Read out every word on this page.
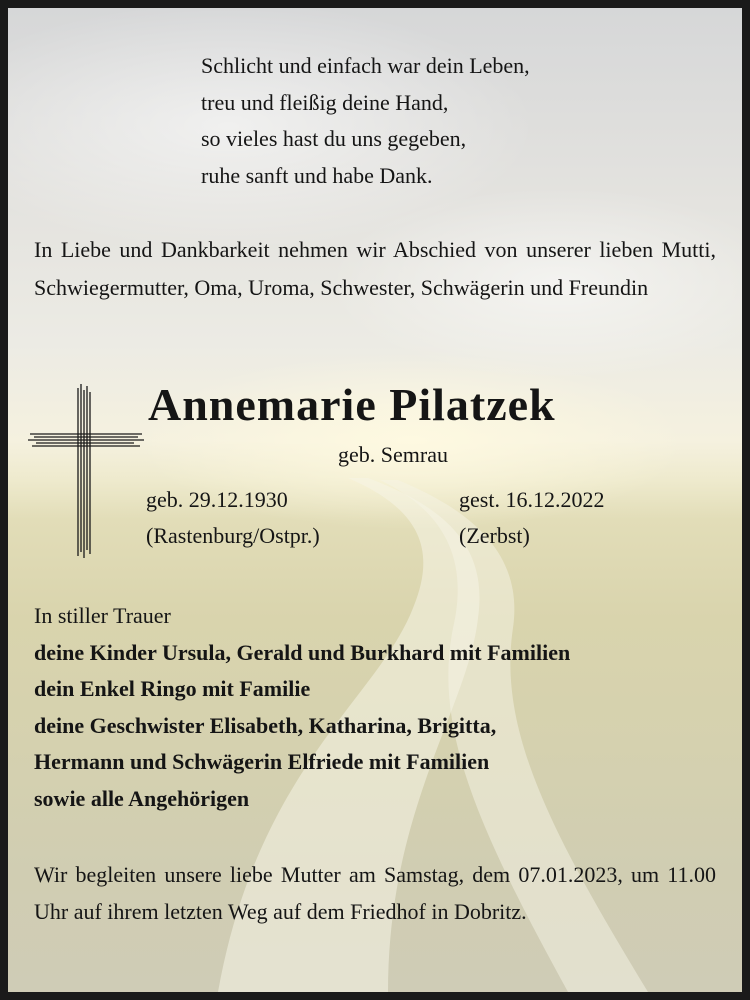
Schlicht und einfach war dein Leben,
treu und fleißig deine Hand,
so vieles hast du uns gegeben,
ruhe sanft und habe Dank.
In Liebe und Dankbarkeit nehmen wir Abschied von unserer lieben Mutti, Schwiegermutter, Oma, Uroma, Schwester, Schwägerin und Freundin
Annemarie Pilatzek
geb. Semrau
geb. 29.12.1930
(Rastenburg/Ostpr.)
gest. 16.12.2022
(Zerbst)
In stiller Trauer
deine Kinder Ursula, Gerald und Burkhard mit Familien
dein Enkel Ringo mit Familie
deine Geschwister Elisabeth, Katharina, Brigitta,
Hermann und Schwägerin Elfriede mit Familien
sowie alle Angehörigen
Wir begleiten unsere liebe Mutter am Samstag, dem 07.01.2023, um 11.00 Uhr auf ihrem letzten Weg auf dem Friedhof in Dobritz.
